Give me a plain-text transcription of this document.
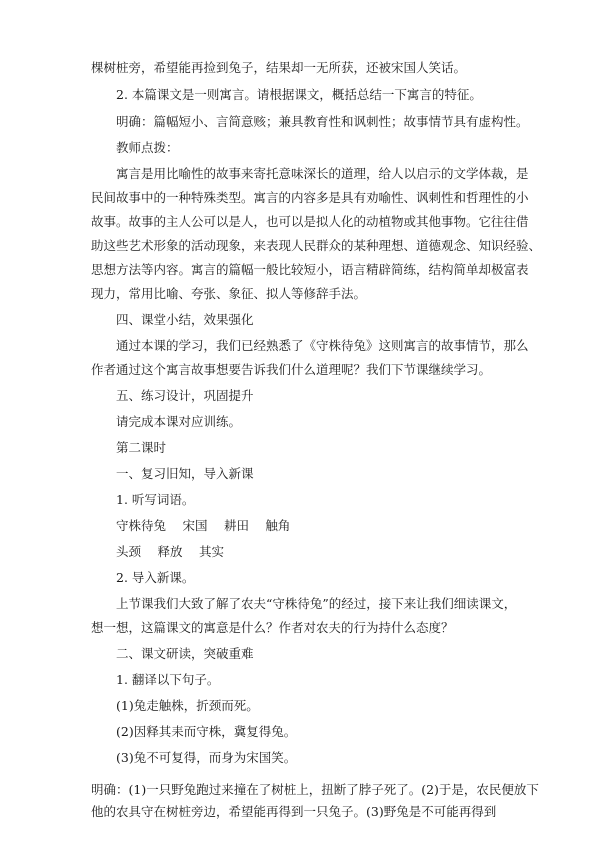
棵树桩旁，希望能再捡到兔子，结果却一无所获，还被宋国人笑话。
2. 本篇课文是一则寓言。请根据课文，概括总结一下寓言的特征。
明确：篇幅短小、言简意赅；兼具教育性和讽刺性；故事情节具有虚构性。
教师点拨：
寓言是用比喻性的故事来寄托意味深长的道理，给人以启示的文学体裁，是
民间故事中的一种特殊类型。寓言的内容多是具有劝喻性、讽刺性和哲理性的小
故事。故事的主人公可以是人，也可以是拟人化的动植物或其他事物。它往往借
助这些艺术形象的活动现象，来表现人民群众的某种理想、道德观念、知识经验、
思想方法等内容。寓言的篇幅一般比较短小，语言精辟简练，结构简单却极富表
现力，常用比喻、夸张、象征、拟人等修辞手法。
四、课堂小结，效果强化
通过本课的学习，我们已经熟悉了《守株待兔》这则寓言的故事情节，那么
作者通过这个寓言故事想要告诉我们什么道理呢？我们下节课继续学习。
五、练习设计，巩固提升
请完成本课对应训练。
第二课时
一、复习旧知，导入新课
1. 听写词语。
守株待兔　 宋国　 耕田　 触角
头颈　 释放　 其实
2. 导入新课。
上节课我们大致了解了农夫“守株待兔”的经过，接下来让我们细读课文，
想一想，这篇课文的寓意是什么？作者对农夫的行为持什么态度？
二、课文研读，突破重难
1. 翻译以下句子。
(1)兔走触株，折颈而死。
(2)因释其耒而守株，冀复得兔。
(3)兔不可复得，而身为宋国笑。
明确：(1)一只野兔跑过来撞在了树桩上，扭断了脖子死了。(2)于是，农民便放下
他的农具守在树桩旁边，希望能再得到一只兔子。(3)野兔是不可能再得到
